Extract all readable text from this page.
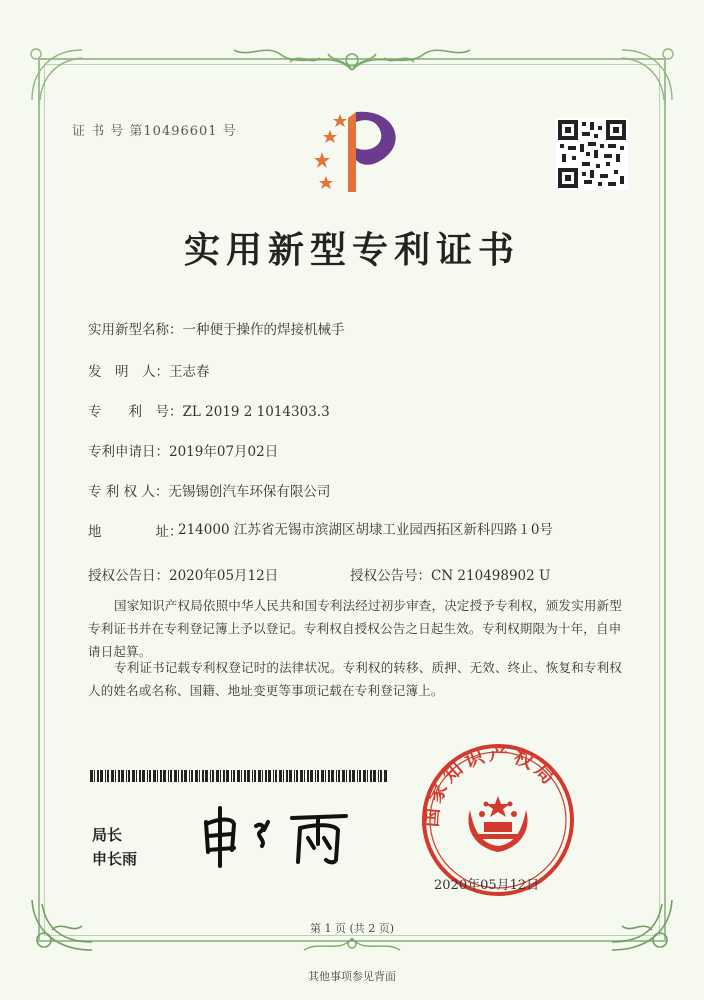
证 书 号 第10496601 号
实用新型专利证书
实用新型名称：一种便于操作的焊接机械手
发　明　人：王志春
专　　利　号：ZL 2019 2 1014303.3
专利申请日：2019年07月02日
专 利 权 人：无锡锡创汽车环保有限公司
地　　　　址：
214000 江苏省无锡市滨湖区胡埭工业园西拓区新科四路１0号
授权公告日：2020年05月12日	授权公告号：CN 210498902 U
国家知识产权局依照中华人民共和国专利法经过初步审查，决定授予专利权，颁发实用新型专利证书并在专利登记簿上予以登记。专利权自授权公告之日起生效。专利权期限为十年，自申请日起算。
专利证书记载专利权登记时的法律状况。专利权的转移、质押、无效、终止、恢复和专利权人的姓名或名称、国籍、地址变更等事项记载在专利登记簿上。
局长
申长雨
国家知识产权局
2020年05月12日
第 1 页 (共 2 页)
其他事项参见背面
